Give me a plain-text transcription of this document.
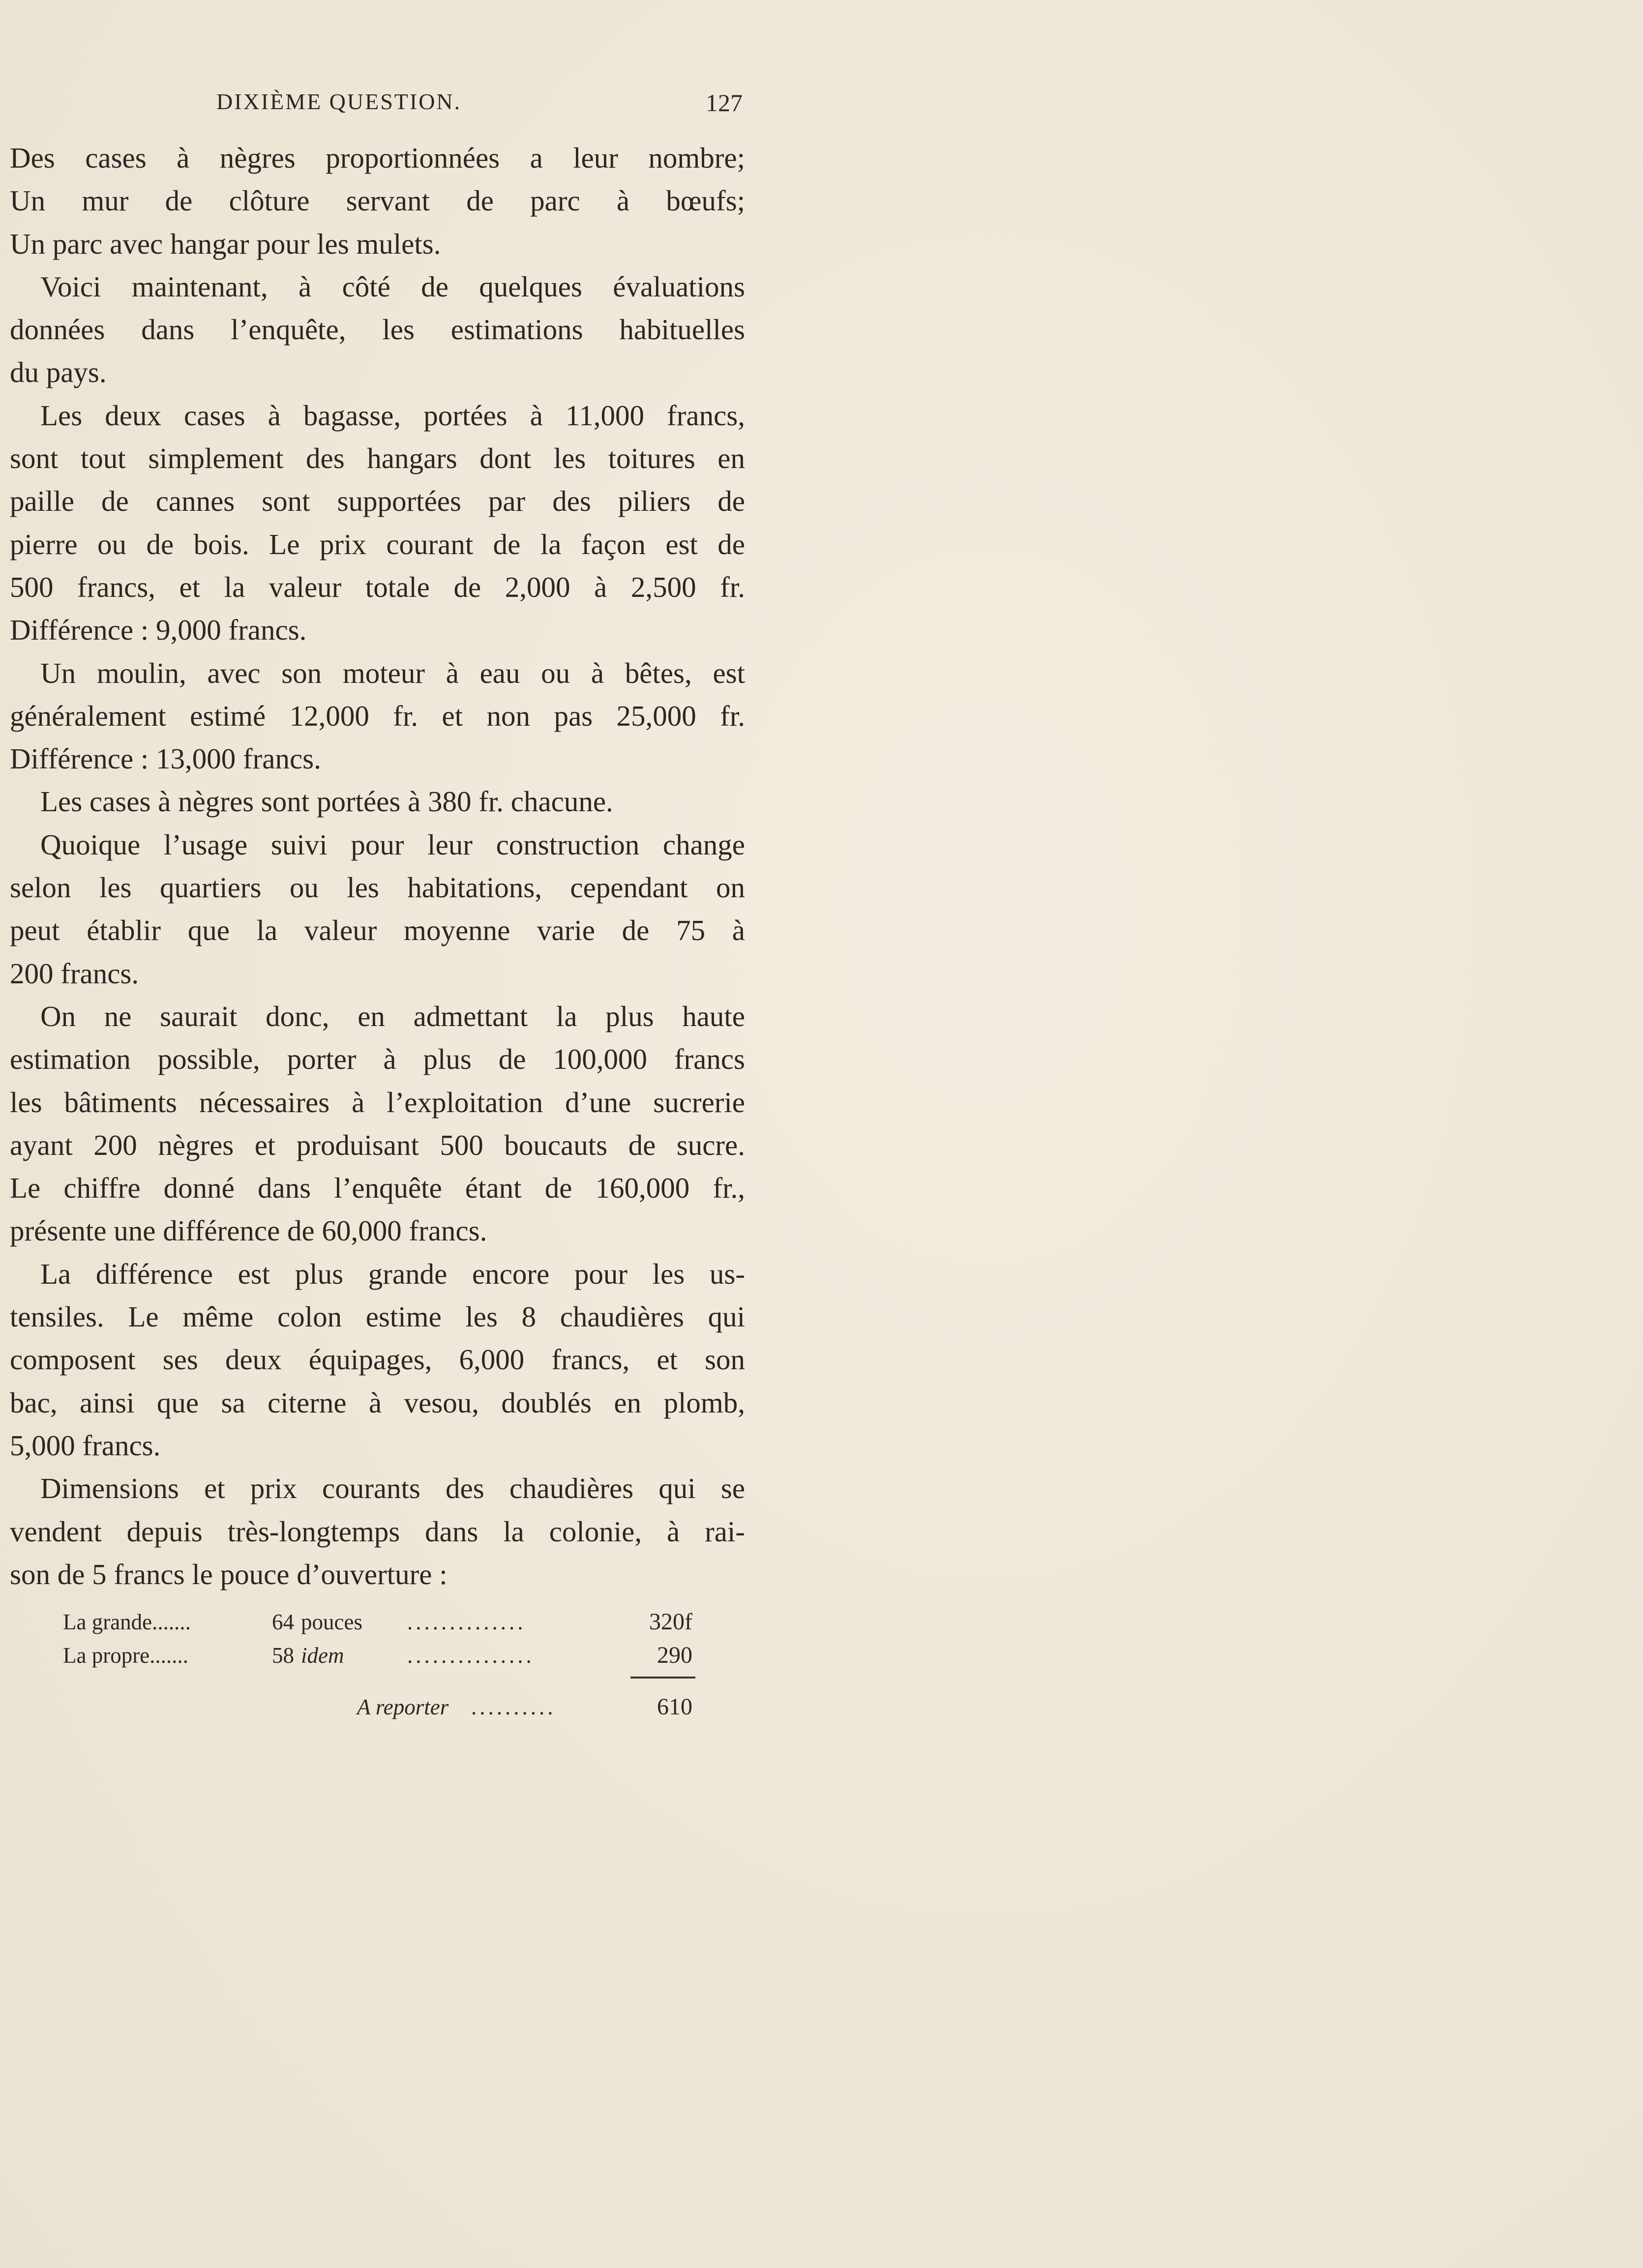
DIXIÈME QUESTION.	127
Des cases à nègres proportionnées a leur nombre;
Un mur de clôture servant de parc à bœufs;
Un parc avec hangar pour les mulets.
Voici maintenant, à côté de quelques évaluations
données dans l’enquête, les estimations habituelles
du pays.
Les deux cases à bagasse, portées à 11,000 francs,
sont tout simplement des hangars dont les toitures en
paille de cannes sont supportées par des piliers de
pierre ou de bois. Le prix courant de la façon est de
500 francs, et la valeur totale de 2,000 à 2,500 fr.
Différence : 9,000 francs.
Un moulin, avec son moteur à eau ou à bêtes, est
généralement estimé 12,000 fr. et non pas 25,000 fr.
Différence : 13,000 francs.
Les cases à nègres sont portées à 380 fr. chacune.
Quoique l’usage suivi pour leur construction change
selon les quartiers ou les habitations, cependant on
peut établir que la valeur moyenne varie de 75 à
200 francs.
On ne saurait donc, en admettant la plus haute
estimation possible, porter à plus de 100,000 francs
les bâtiments nécessaires à l’exploitation d’une sucrerie
ayant 200 nègres et produisant 500 boucauts de sucre.
Le chiffre donné dans l’enquête étant de 160,000 fr.,
présente une différence de 60,000 francs.
La différence est plus grande encore pour les us-
tensiles. Le même colon estime les 8 chaudières qui
composent ses deux équipages, 6,000 francs, et son
bac, ainsi que sa citerne à vesou, doublés en plomb,
5,000 francs.
Dimensions et prix courants des chaudières qui se
vendent depuis très-longtemps dans la colonie, à rai-
son de 5 francs le pouce d’ouverture :
La grande.......	64 pouces ..............	320f
La propre.......	58 idem	...............	290
A reporter ..........	610
